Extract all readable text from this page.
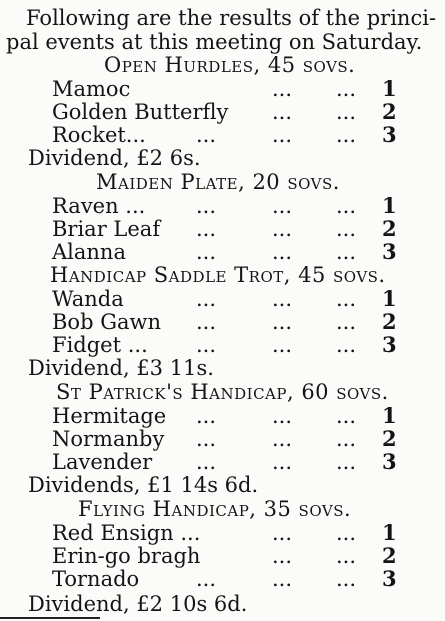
Following are the results of the princi-
pal events at this meeting on Saturday.
Open Hurdles, 45 sovs.
Mamoc	... ... 1
Golden Butterfly ... ... 2
Rocket... ...	... ... 3
Dividend, £2 6s.
Maiden Plate, 20 sovs.
Raven ... ...	... ... 1
Briar Leaf ...	... ... 2
Alanna	...	... ... 3
Handicap Saddle Trot, 45 sovs.
Wanda	...	... ... 1
Bob Gawn ...	... ... 2
Fidget ... ...	... ... 3
Dividend, £3 11s.
St Patrick's Handicap, 60 sovs.
Hermitage ...	... ... 1
Normanby ...	... ... 2
Lavender ...	... ... 3
Dividends, £1 14s 6d.
Flying Handicap, 35 sovs.
Red Ensign ...	... ... 1
Erin-go bragh	... ... 2
Tornado	...	... ... 3
Dividend, £2 10s 6d.
